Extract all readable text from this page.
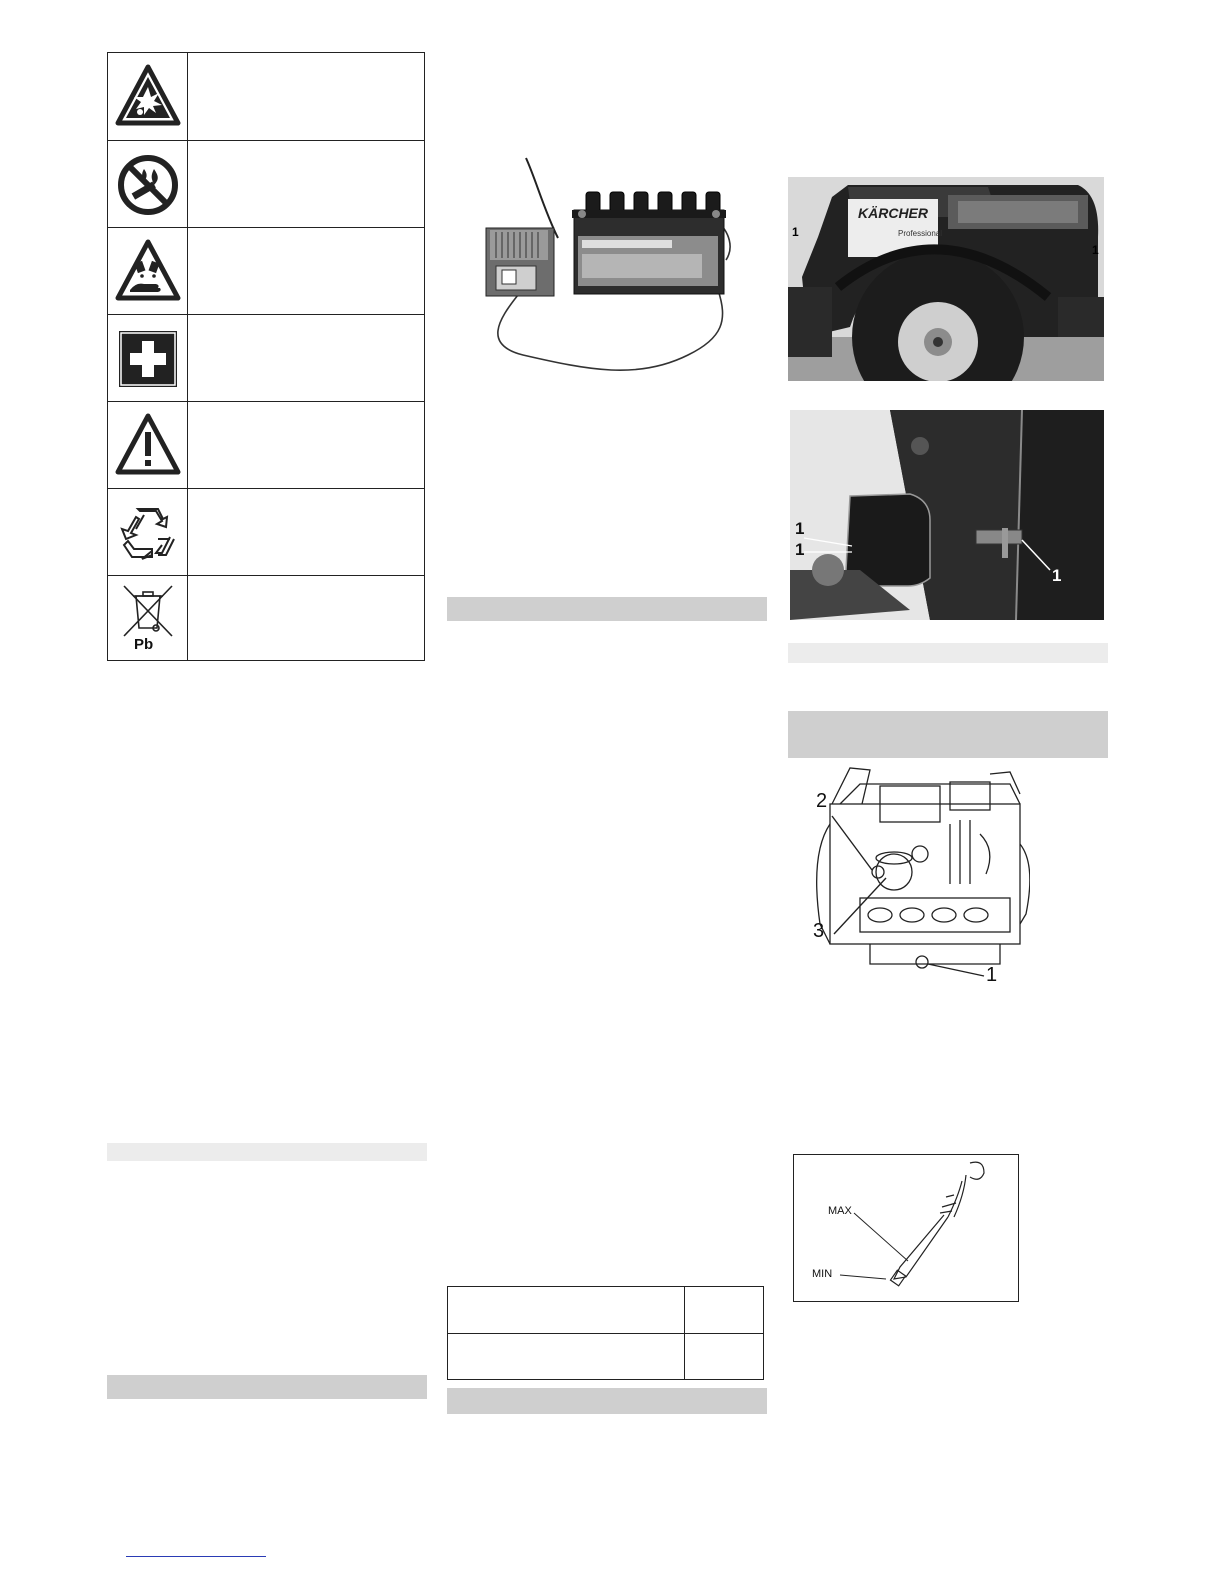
Pb
KÄRCHER
Professional
1
1
1
1
1
2
3
1
MAX
MIN
